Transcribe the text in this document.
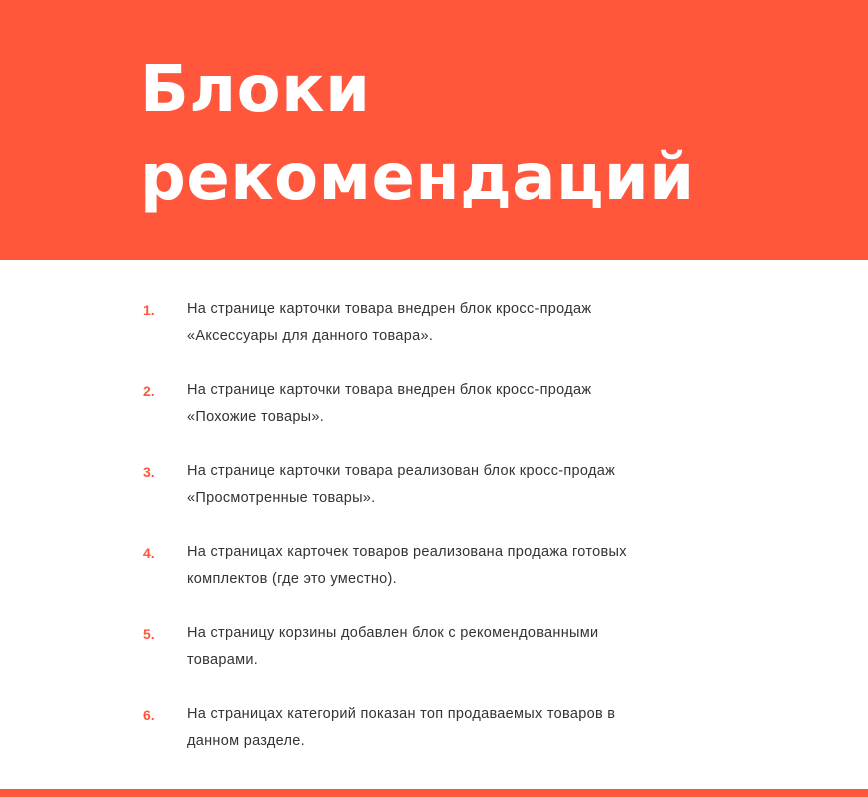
Блоки
рекомендаций
1. На странице карточки товара внедрен блок кросс-продаж
«Аксессуары для данного товара».
2. На странице карточки товара внедрен блок кросс-продаж
«Похожие товары».
3. На странице карточки товара реализован блок кросс-продаж
«Просмотренные товары».
4. На страницах карточек товаров реализована продажа готовых
комплектов (где это уместно).
5. На страницу корзины добавлен блок с рекомендованными
товарами.
6. На страницах категорий показан топ продаваемых товаров в
данном разделе.
